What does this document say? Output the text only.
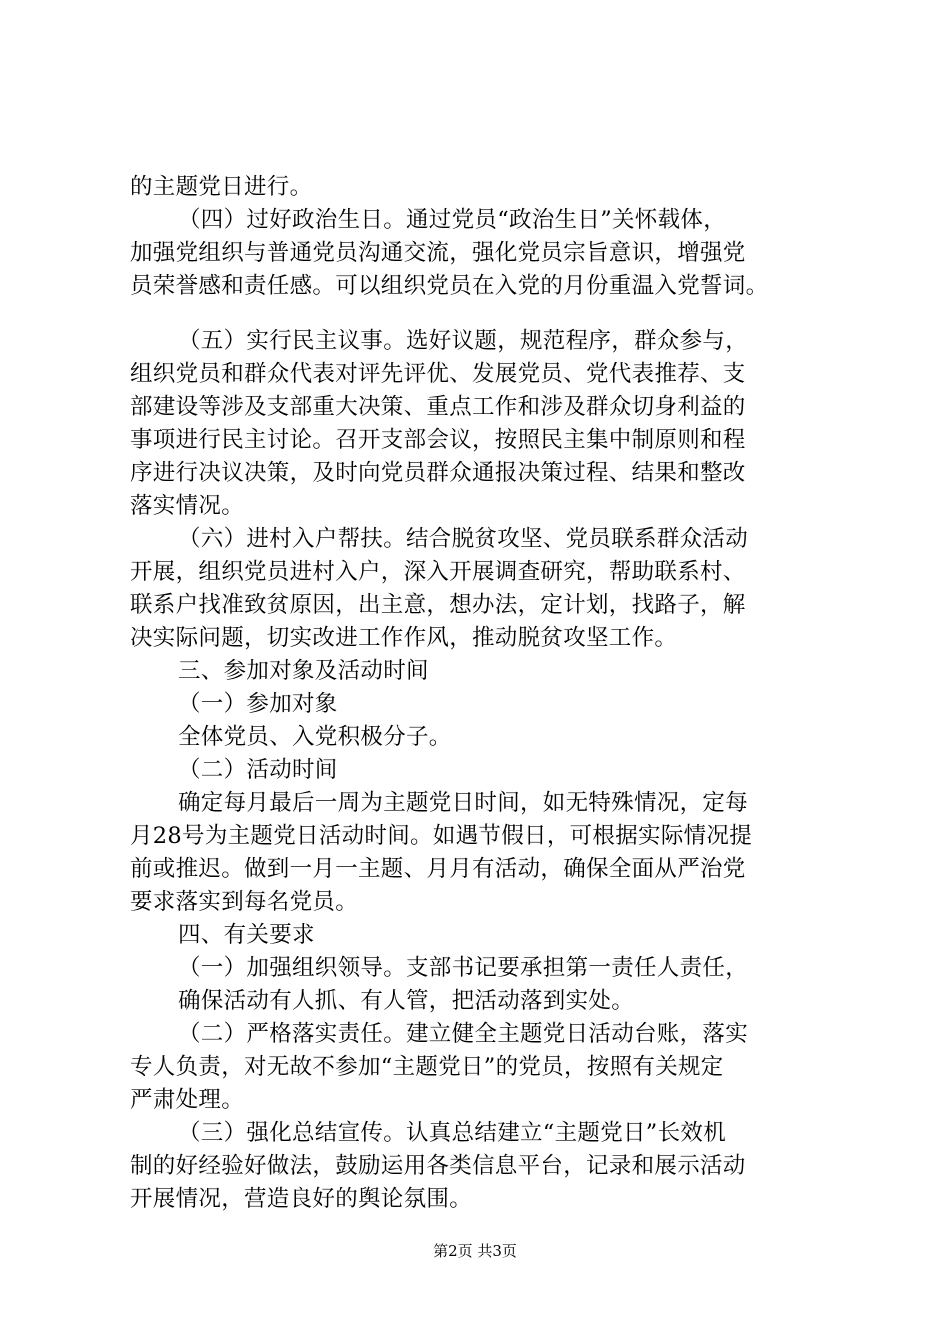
的主题党日进行。
（四）过好政治生日。通过党员“政治生日”关怀载体，
加强党组织与普通党员沟通交流，强化党员宗旨意识，增强党
员荣誉感和责任感。可以组织党员在入党的月份重温入党誓词。
（五）实行民主议事。选好议题，规范程序，群众参与，
组织党员和群众代表对评先评优、发展党员、党代表推荐、支
部建设等涉及支部重大决策、重点工作和涉及群众切身利益的
事项进行民主讨论。召开支部会议，按照民主集中制原则和程
序进行决议决策，及时向党员群众通报决策过程、结果和整改
落实情况。
（六）进村入户帮扶。结合脱贫攻坚、党员联系群众活动
开展，组织党员进村入户，深入开展调查研究，帮助联系村、
联系户找准致贫原因，出主意，想办法，定计划，找路子，解
决实际问题，切实改进工作作风，推动脱贫攻坚工作。
三、参加对象及活动时间
（一）参加对象
全体党员、入党积极分子。
（二）活动时间
确定每月最后一周为主题党日时间，如无特殊情况，定每
月28号为主题党日活动时间。如遇节假日，可根据实际情况提
前或推迟。做到一月一主题、月月有活动，确保全面从严治党
要求落实到每名党员。
四、有关要求
（一）加强组织领导。支部书记要承担第一责任人责任，
确保活动有人抓、有人管，把活动落到实处。
（二）严格落实责任。建立健全主题党日活动台账，落实
专人负责，对无故不参加“主题党日”的党员，按照有关规定
严肃处理。
（三）强化总结宣传。认真总结建立“主题党日”长效机
制的好经验好做法，鼓励运用各类信息平台，记录和展示活动
开展情况，营造良好的舆论氛围。
第2页 共3页
